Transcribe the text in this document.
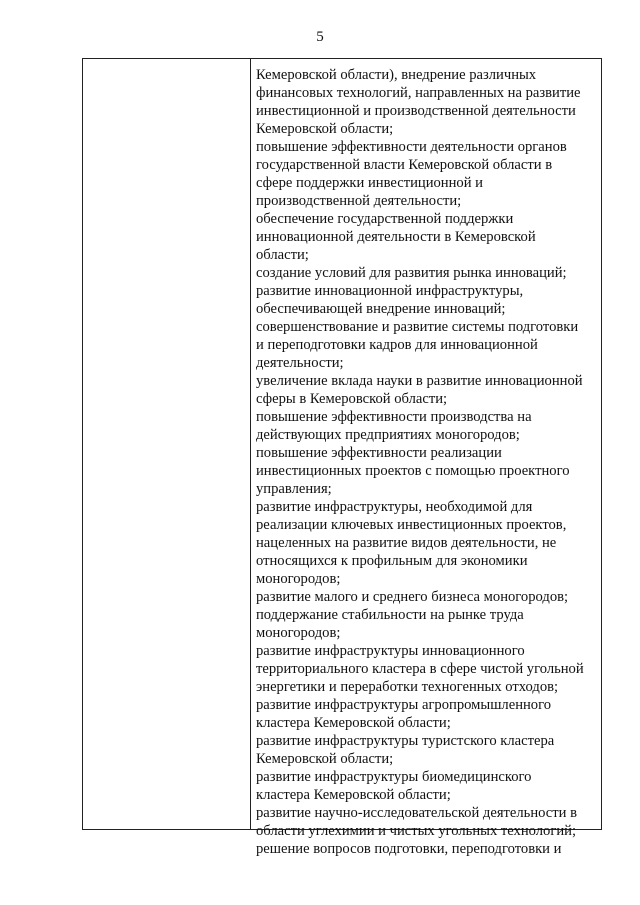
5
Кемеровской области), внедрение различных
финансовых технологий, направленных на развитие
инвестиционной и производственной деятельности
Кемеровской области;
повышение эффективности деятельности органов
государственной власти Кемеровской области в
сфере поддержки инвестиционной и
производственной деятельности;
обеспечение государственной поддержки
инновационной деятельности в Кемеровской
области;
создание условий для развития рынка инноваций;
развитие инновационной инфраструктуры,
обеспечивающей внедрение инноваций;
совершенствование и развитие системы подготовки
и переподготовки кадров для инновационной
деятельности;
увеличение вклада науки в развитие инновационной
сферы в Кемеровской области;
повышение эффективности производства на
действующих предприятиях моногородов;
повышение эффективности реализации
инвестиционных проектов с помощью проектного
управления;
развитие инфраструктуры, необходимой для
реализации ключевых инвестиционных проектов,
нацеленных на развитие видов деятельности, не
относящихся к профильным для экономики
моногородов;
развитие малого и среднего бизнеса моногородов;
поддержание стабильности на рынке труда
моногородов;
развитие инфраструктуры инновационного
территориального кластера в сфере чистой угольной
энергетики и переработки техногенных отходов;
развитие инфраструктуры агропромышленного
кластера Кемеровской области;
развитие инфраструктуры туристского кластера
Кемеровской области;
развитие инфраструктуры биомедицинского
кластера Кемеровской области;
развитие научно-исследовательской деятельности в
области углехимии и чистых угольных технологий;
решение вопросов подготовки, переподготовки и
